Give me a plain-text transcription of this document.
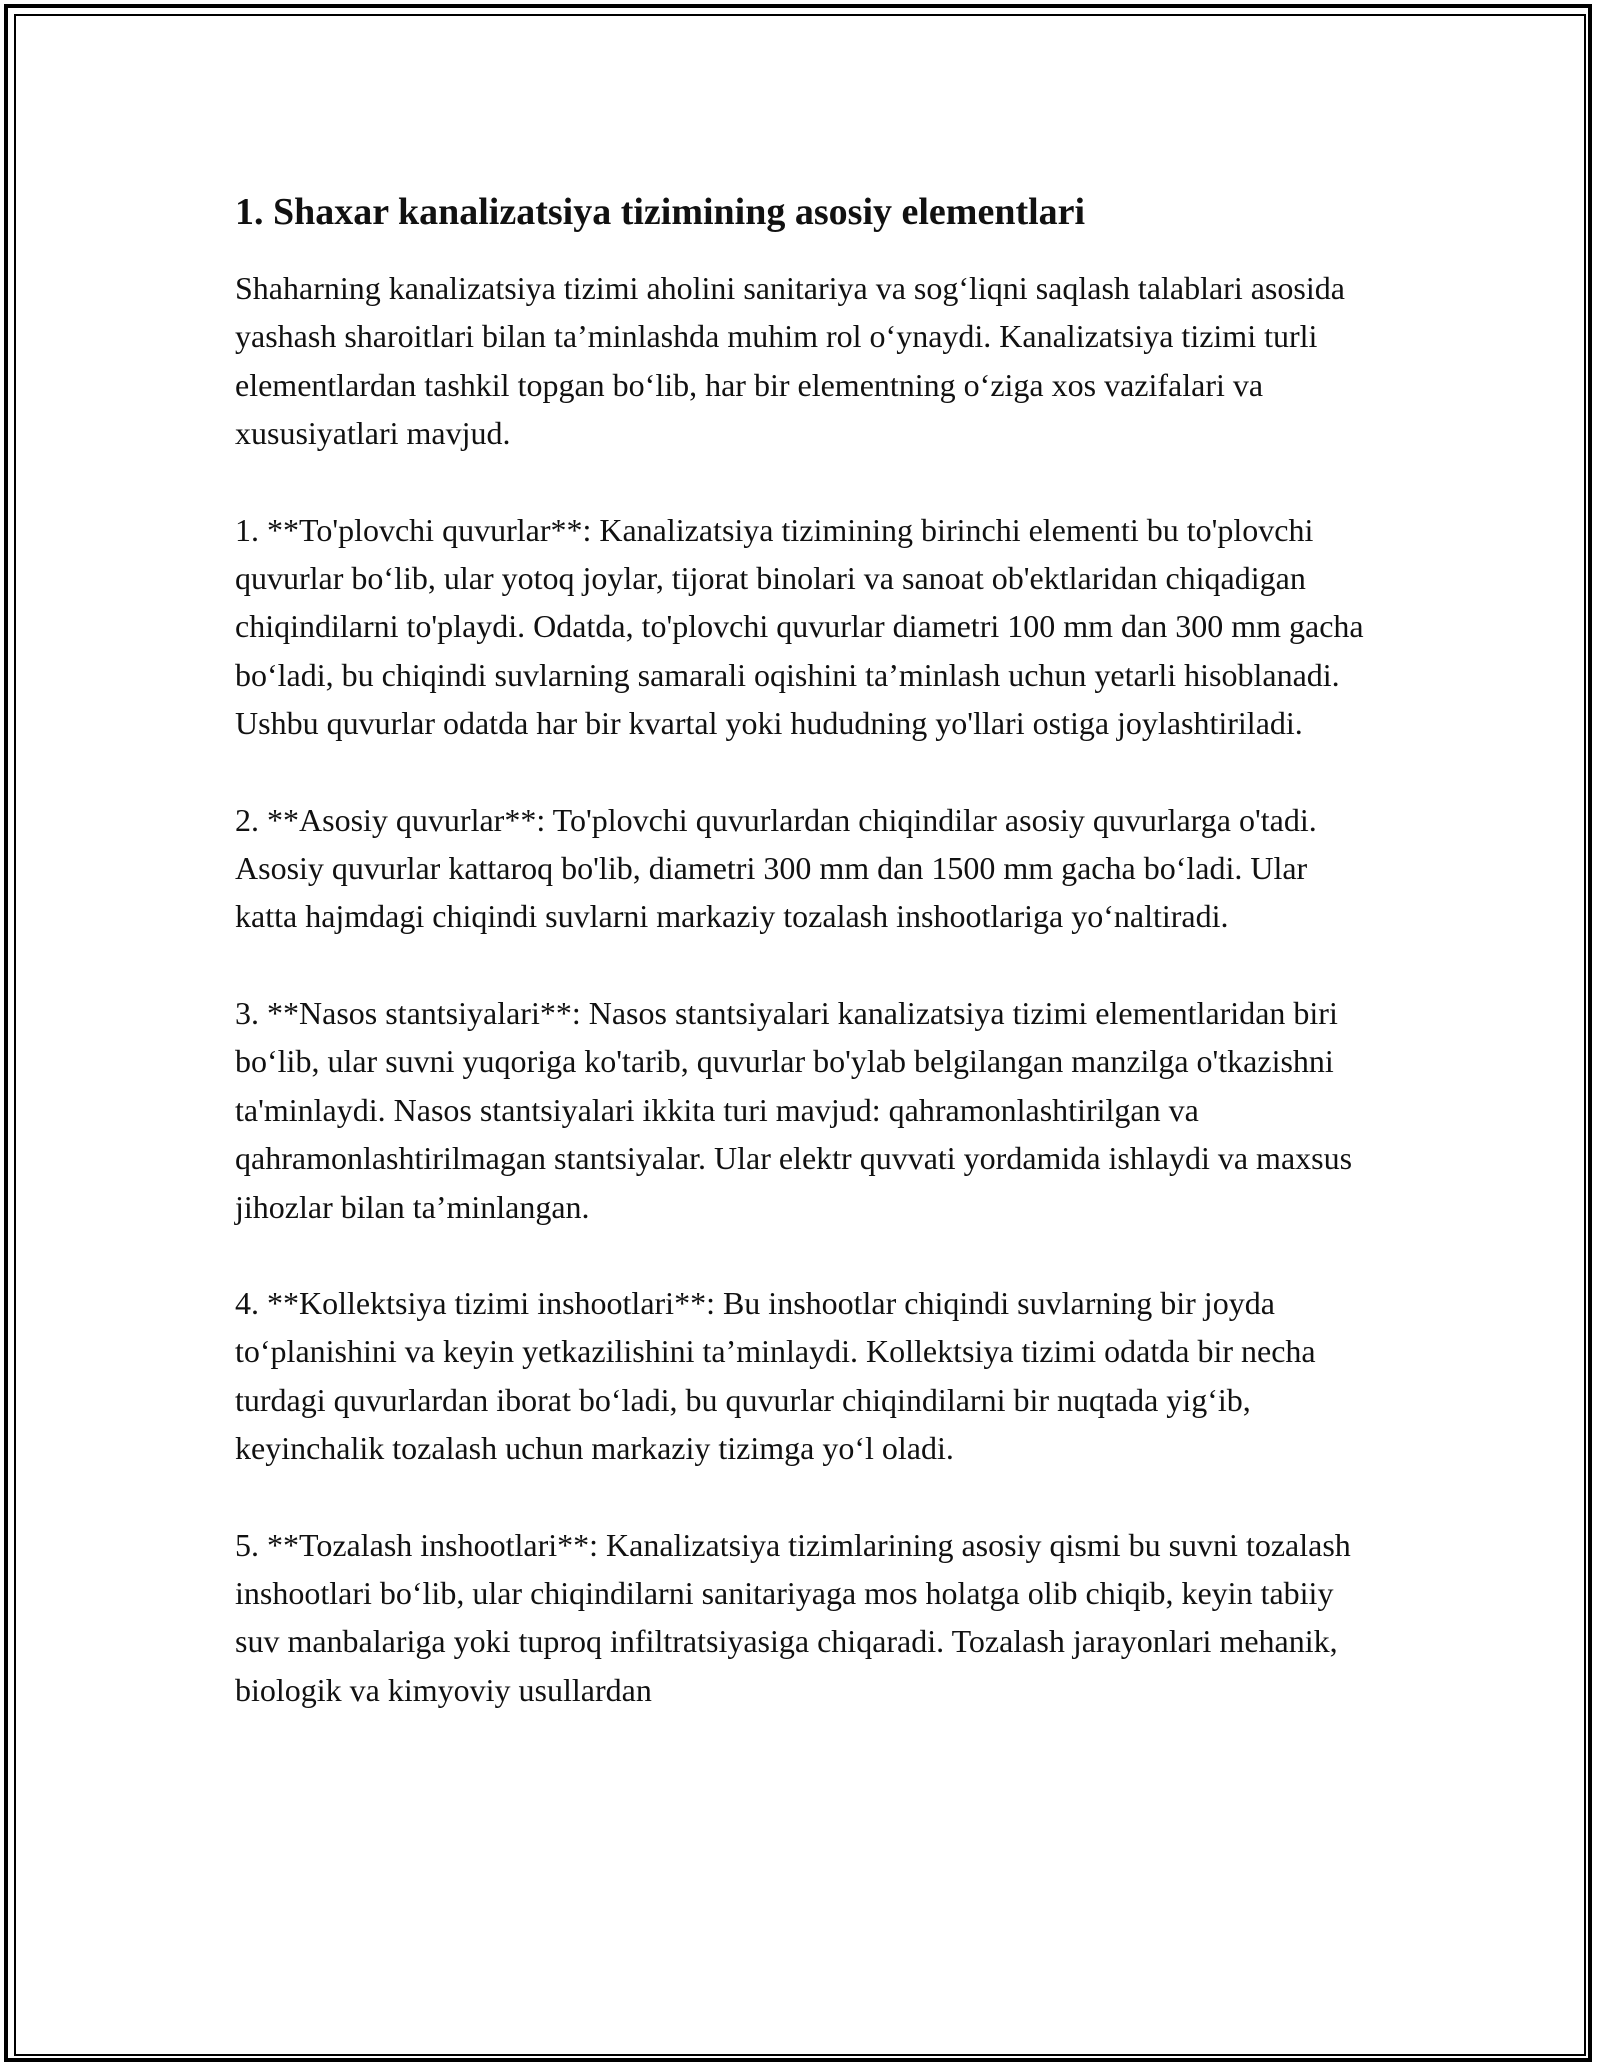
1. Shaxar kanalizatsiya tizimining asosiy elementlari

Shaharning kanalizatsiya tizimi aholini sanitariya va sog‘liqni saqlash talablari asosida yashash sharoitlari bilan ta’minlashda muhim rol o‘ynaydi. Kanalizatsiya tizimi turli elementlardan tashkil topgan bo‘lib, har bir elementning o‘ziga xos vazifalari va xususiyatlari mavjud.

1. **To'plovchi quvurlar**: Kanalizatsiya tizimining birinchi elementi bu to'plovchi quvurlar bo‘lib, ular yotoq joylar, tijorat binolari va sanoat ob'ektlaridan chiqadigan chiqindilarni to'playdi. Odatda, to'plovchi quvurlar diametri 100 mm dan 300 mm gacha bo‘ladi, bu chiqindi suvlarning samarali oqishini ta’minlash uchun yetarli hisoblanadi. Ushbu quvurlar odatda har bir kvartal yoki hududning yo'llari ostiga joylashtiriladi.

2. **Asosiy quvurlar**: To'plovchi quvurlardan chiqindilar asosiy quvurlarga o'tadi. Asosiy quvurlar kattaroq bo'lib, diametri 300 mm dan 1500 mm gacha bo‘ladi. Ular katta hajmdagi chiqindi suvlarni markaziy tozalash inshootlariga yo‘naltiradi.

3. **Nasos stantsiyalari**: Nasos stantsiyalari kanalizatsiya tizimi elementlaridan biri bo‘lib, ular suvni yuqoriga ko'tarib, quvurlar bo'ylab belgilangan manzilga o'tkazishni ta'minlaydi. Nasos stantsiyalari ikkita turi mavjud: qahramonlashtirilgan va qahramonlashtirilmagan stantsiyalar. Ular elektr quvvati yordamida ishlaydi va maxsus jihozlar bilan ta’minlangan.

4. **Kollektsiya tizimi inshootlari**: Bu inshootlar chiqindi suvlarning bir joyda to‘planishini va keyin yetkazilishini ta’minlaydi. Kollektsiya tizimi odatda bir necha turdagi quvurlardan iborat bo‘ladi, bu quvurlar chiqindilarni bir nuqtada yig‘ib, keyinchalik tozalash uchun markaziy tizimga yo‘l oladi.

5. **Tozalash inshootlari**: Kanalizatsiya tizimlarining asosiy qismi bu suvni tozalash inshootlari bo‘lib, ular chiqindilarni sanitariyaga mos holatga olib chiqib, keyin tabiiy suv manbalariga yoki tuproq infiltratsiyasiga chiqaradi. Tozalash jarayonlari mehanik, biologik va kimyoviy usullardan
